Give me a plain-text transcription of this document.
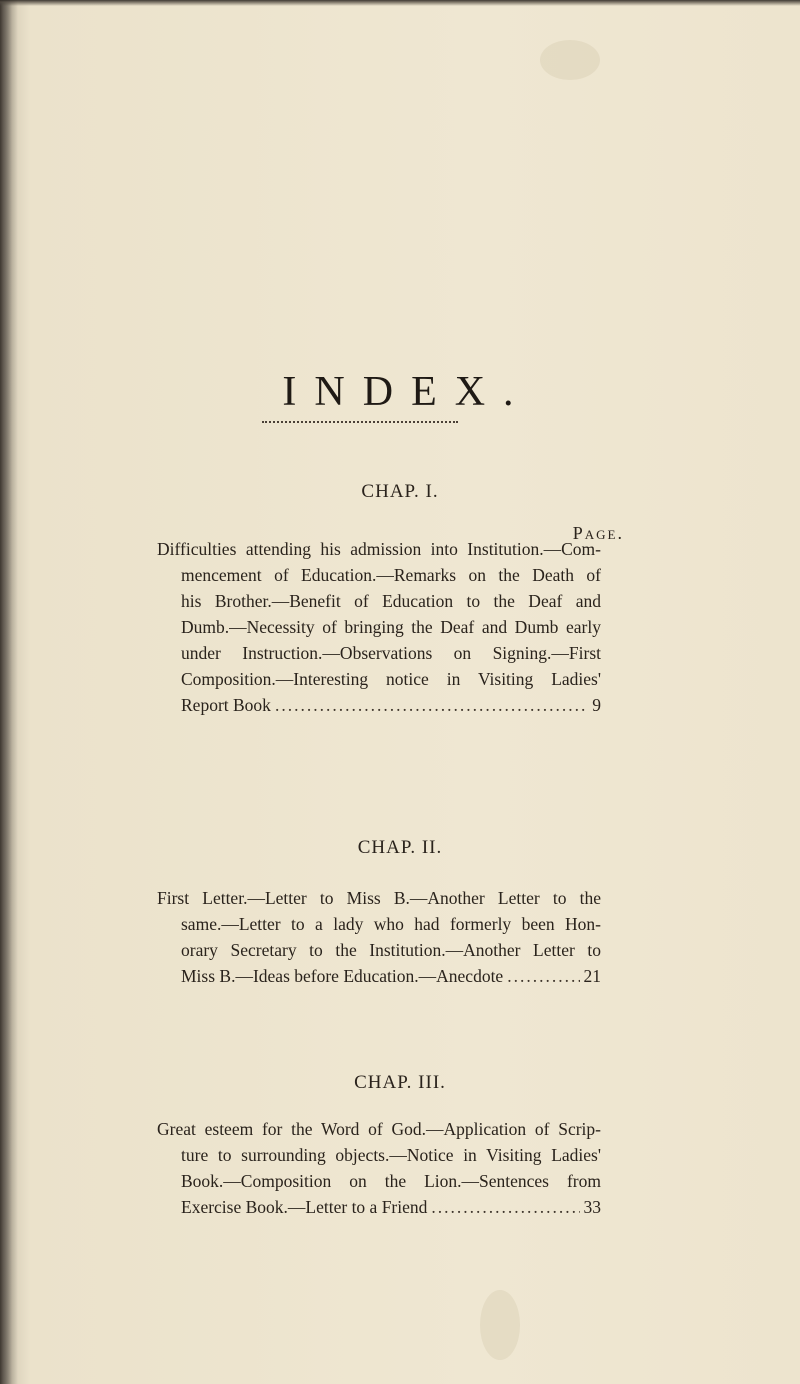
INDEX.
CHAP. I.
Page.
Difficulties attending his admission into Institution.—Com-
mencement of Education.—Remarks on the Death of
his Brother.—Benefit of Education to the Deaf and
Dumb.—Necessity of bringing the Deaf and Dumb early
under Instruction.—Observations on Signing.—First
Composition.—Interesting notice in Visiting Ladies'
Report Book .....	9
CHAP. II.
First Letter.—Letter to Miss B.—Another Letter to the
same.—Letter to a lady who had formerly been Hon-
orary Secretary to the Institution.—Another Letter to
Miss B.—Ideas before Education.—Anecdote .....	21
CHAP. III.
Great esteem for the Word of God.—Application of Scrip-
ture to surrounding objects.—Notice in Visiting Ladies'
Book.—Composition on the Lion.—Sentences from
Exercise Book.—Letter to a Friend .....	33
